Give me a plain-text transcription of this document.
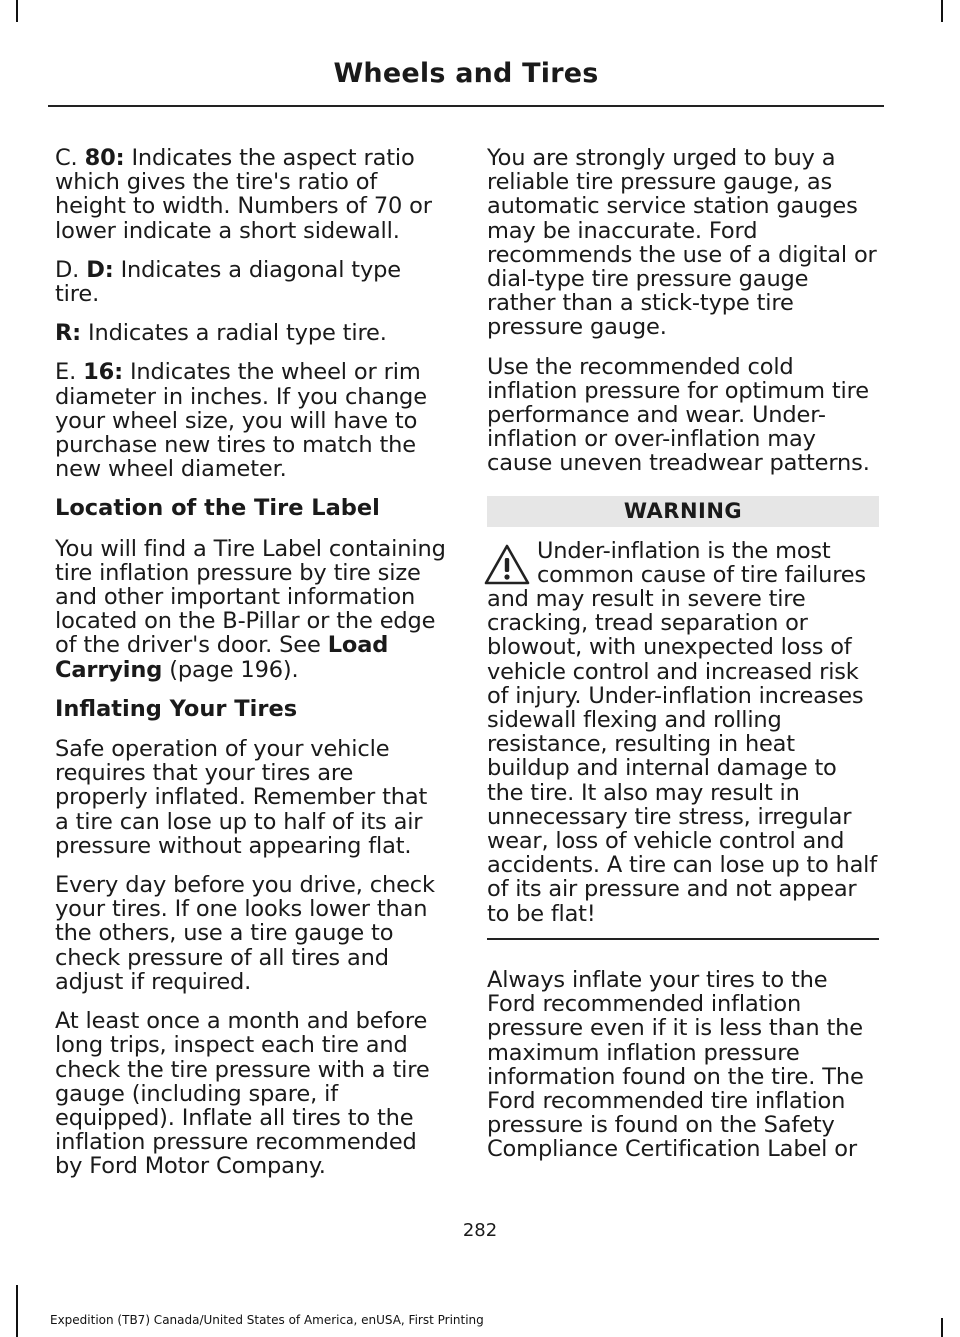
Wheels and Tires

C. 80: Indicates the aspect ratio which gives the tire's ratio of height to width. Numbers of 70 or lower indicate a short sidewall.

D. D: Indicates a diagonal type tire.

R: Indicates a radial type tire.

E. 16: Indicates the wheel or rim diameter in inches. If you change your wheel size, you will have to purchase new tires to match the new wheel diameter.

Location of the Tire Label

You will find a Tire Label containing tire inflation pressure by tire size and other important information located on the B-Pillar or the edge of the driver's door. See Load Carrying (page 196).

Inflating Your Tires

Safe operation of your vehicle requires that your tires are properly inflated. Remember that a tire can lose up to half of its air pressure without appearing flat.

Every day before you drive, check your tires. If one looks lower than the others, use a tire gauge to check pressure of all tires and adjust if required.

At least once a month and before long trips, inspect each tire and check the tire pressure with a tire gauge (including spare, if equipped). Inflate all tires to the inflation pressure recommended by Ford Motor Company.

You are strongly urged to buy a reliable tire pressure gauge, as automatic service station gauges may be inaccurate. Ford recommends the use of a digital or dial-type tire pressure gauge rather than a stick-type tire pressure gauge.

Use the recommended cold inflation pressure for optimum tire performance and wear. Under-inflation or over-inflation may cause uneven treadwear patterns.

WARNING
Under-inflation is the most common cause of tire failures and may result in severe tire cracking, tread separation or blowout, with unexpected loss of vehicle control and increased risk of injury. Under-inflation increases sidewall flexing and rolling resistance, resulting in heat buildup and internal damage to the tire. It also may result in unnecessary tire stress, irregular wear, loss of vehicle control and accidents. A tire can lose up to half of its air pressure and not appear to be flat!

Always inflate your tires to the Ford recommended inflation pressure even if it is less than the maximum inflation pressure information found on the tire. The Ford recommended tire inflation pressure is found on the Safety Compliance Certification Label or

282
Expedition (TB7) Canada/United States of America, enUSA, First Printing
